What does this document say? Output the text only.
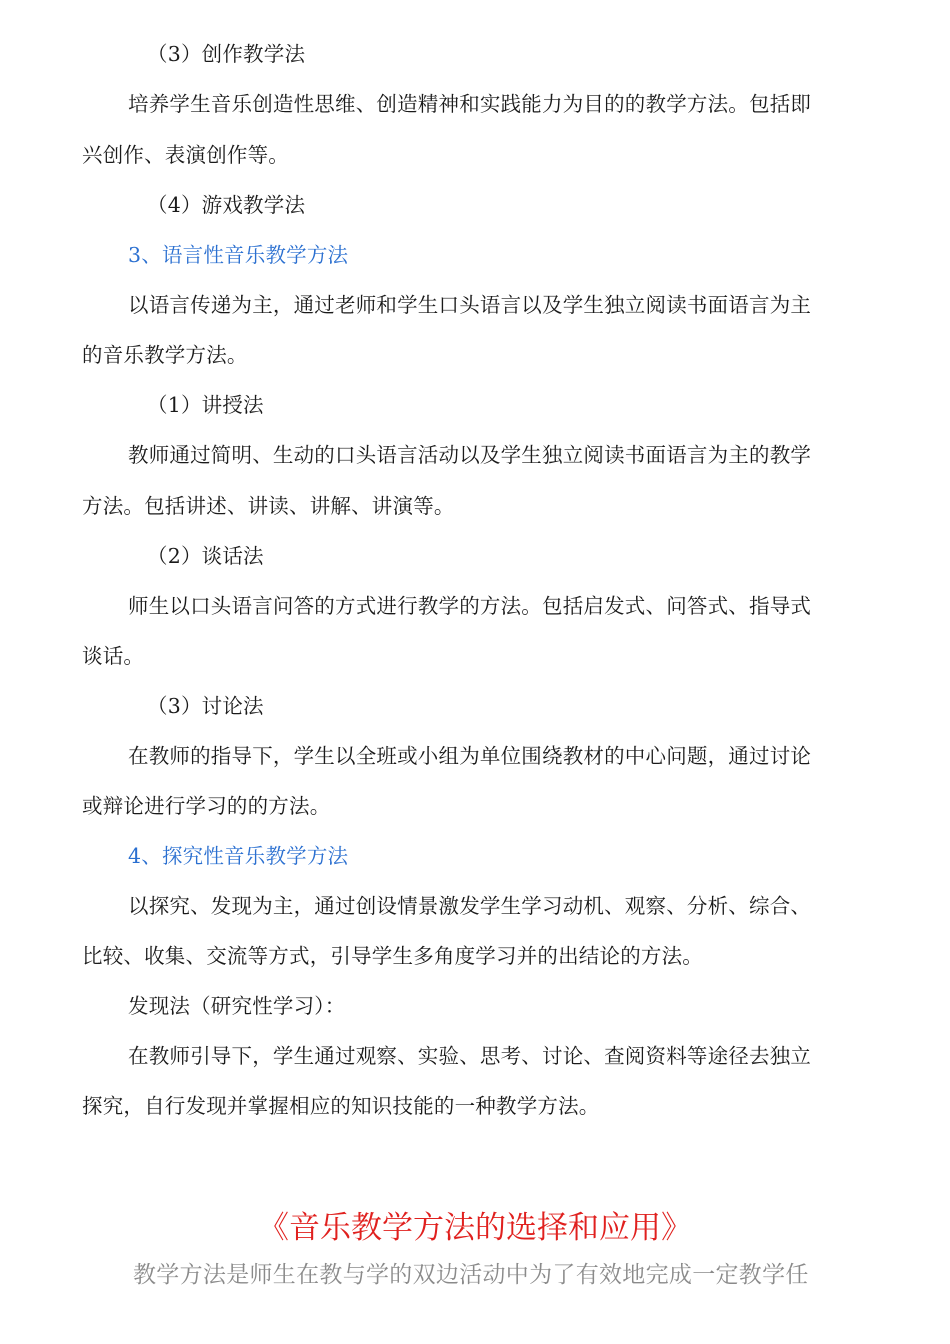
（3）创作教学法
培养学生音乐创造性思维、创造精神和实践能力为目的的教学方法。包括即
兴创作、表演创作等。
（4）游戏教学法
3、语言性音乐教学方法
以语言传递为主，通过老师和学生口头语言以及学生独立阅读书面语言为主
的音乐教学方法。
（1）讲授法
教师通过简明、生动的口头语言活动以及学生独立阅读书面语言为主的教学
方法。包括讲述、讲读、讲解、讲演等。
（2）谈话法
师生以口头语言问答的方式进行教学的方法。包括启发式、问答式、指导式
谈话。
（3）讨论法
在教师的指导下，学生以全班或小组为单位围绕教材的中心问题，通过讨论
或辩论进行学习的的方法。
4、探究性音乐教学方法
以探究、发现为主，通过创设情景激发学生学习动机、观察、分析、综合、
比较、收集、交流等方式，引导学生多角度学习并的出结论的方法。
发现法（研究性学习）：
在教师引导下，学生通过观察、实验、思考、讨论、查阅资料等途径去独立
探究，自行发现并掌握相应的知识技能的一种教学方法。
《音乐教学方法的选择和应用》
教学方法是师生在教与学的双边活动中为了有效地完成一定教学任
